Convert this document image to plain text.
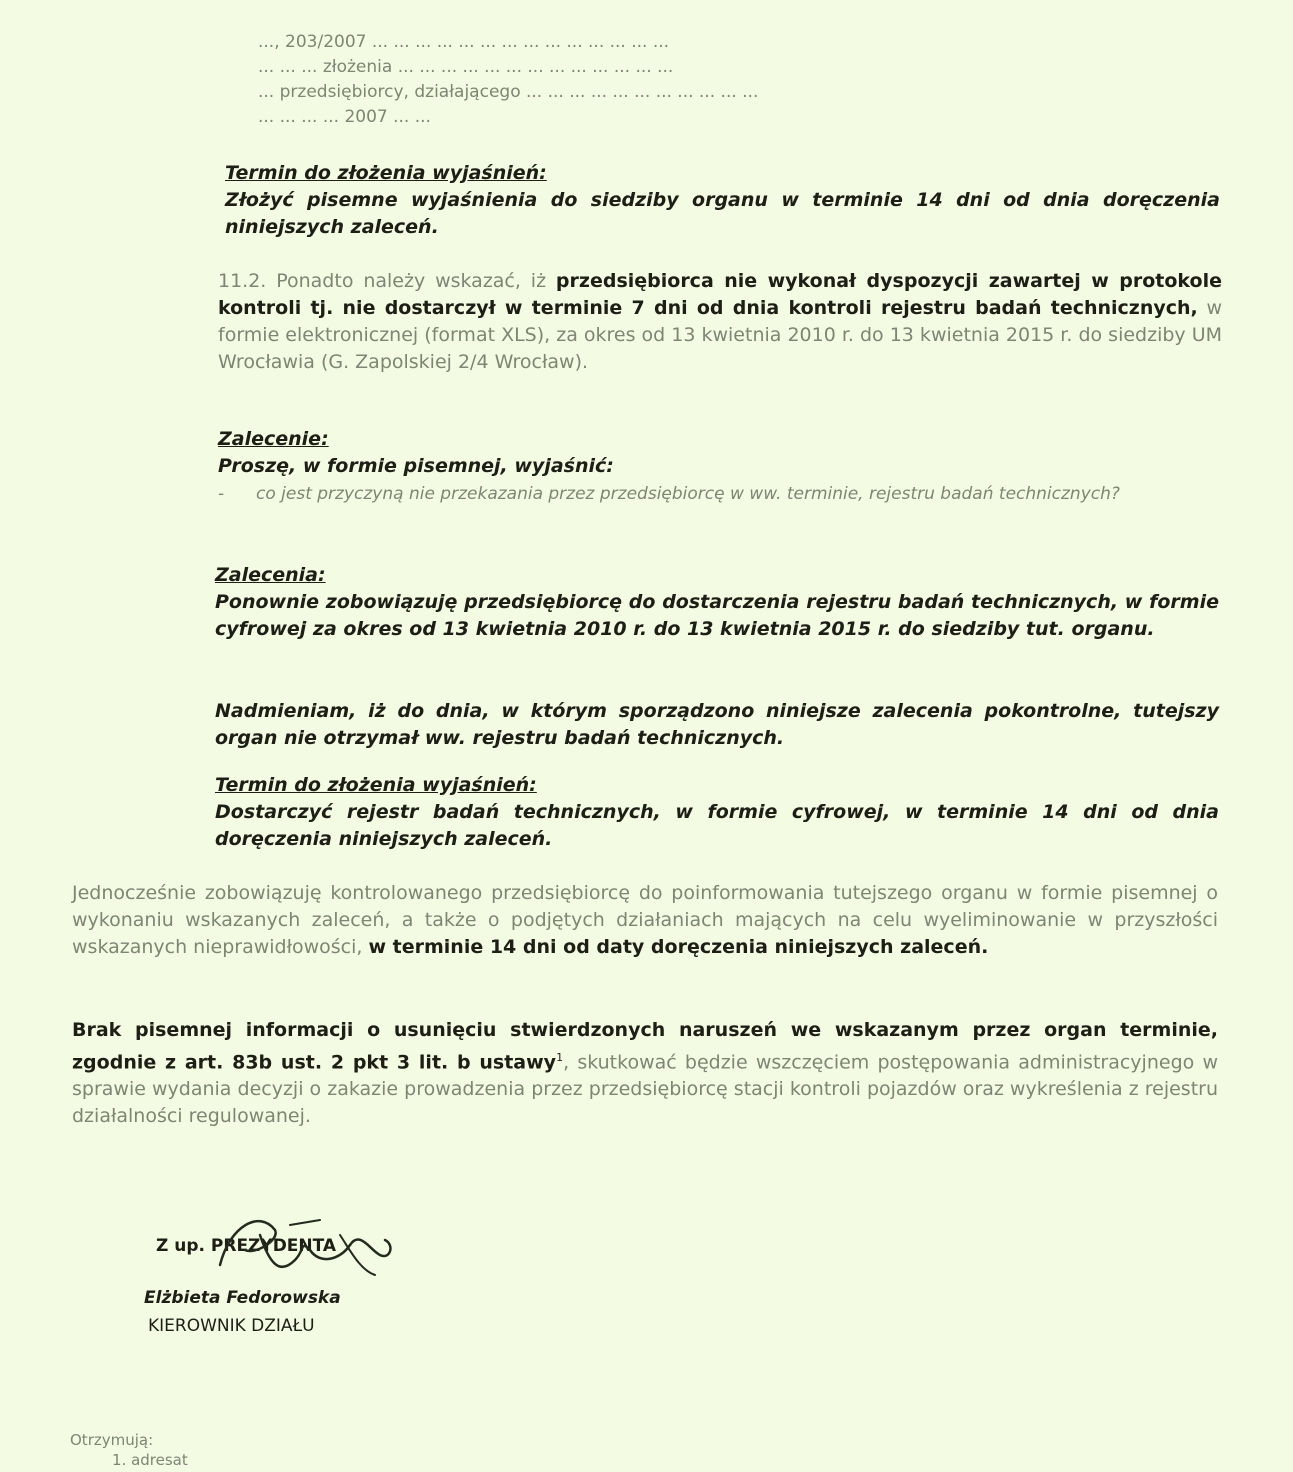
..., 203/2007 ... ... ... ... ... ... ... ... ... ... ... ... ... ...
... ... ... złożenia ... ... ... ... ... ... ... ... ... ... ... ... ...
... przedsiębiorcy, działającego ... ... ... ... ... ... ... ... ... ... ...
... ... ... ... 2007 ... ...
Termin do złożenia wyjaśnień:
Złożyć pisemne wyjaśnienia do siedziby organu w terminie 14 dni od dnia doręczenia niniejszych zaleceń.
11.2. Ponadto należy wskazać, iż przedsiębiorca nie wykonał dyspozycji zawartej w protokole kontroli tj. nie dostarczył w terminie 7 dni od dnia kontroli rejestru badań technicznych, w formie elektronicznej (format XLS), za okres od 13 kwietnia 2010 r. do 13 kwietnia 2015 r. do siedziby UM Wrocławia (G. Zapolskiej 2/4 Wrocław).
Zalecenie:
Proszę, w formie pisemnej, wyjaśnić:
-	co jest przyczyną nie przekazania przez przedsiębiorcę w ww. terminie, rejestru badań technicznych?
Zalecenia:
Ponownie zobowiązuję przedsiębiorcę do dostarczenia rejestru badań technicznych, w formie cyfrowej za okres od 13 kwietnia 2010 r. do 13 kwietnia 2015 r. do siedziby tut. organu.
Nadmieniam, iż do dnia, w którym sporządzono niniejsze zalecenia pokontrolne, tutejszy organ nie otrzymał ww. rejestru badań technicznych.
Termin do złożenia wyjaśnień:
Dostarczyć rejestr badań technicznych, w formie cyfrowej, w terminie 14 dni od dnia doręczenia niniejszych zaleceń.
Jednocześnie zobowiązuję kontrolowanego przedsiębiorcę do poinformowania tutejszego organu w formie pisemnej o wykonaniu wskazanych zaleceń, a także o podjętych działaniach mających na celu wyeliminowanie w przyszłości wskazanych nieprawidłowości, w terminie 14 dni od daty doręczenia niniejszych zaleceń.
Brak pisemnej informacji o usunięciu stwierdzonych naruszeń we wskazanym przez organ terminie, zgodnie z art. 83b ust. 2 pkt 3 lit. b ustawy$^1$, skutkować będzie wszczęciem postępowania administracyjnego w sprawie wydania decyzji o zakazie prowadzenia przez przedsiębiorcę stacji kontroli pojazdów oraz wykreślenia z rejestru działalności regulowanej.
Z up. PREZYDENTA
Elżbieta Fedorowska
KIEROWNIK DZIAŁU
Otrzymują:
1. adresat
